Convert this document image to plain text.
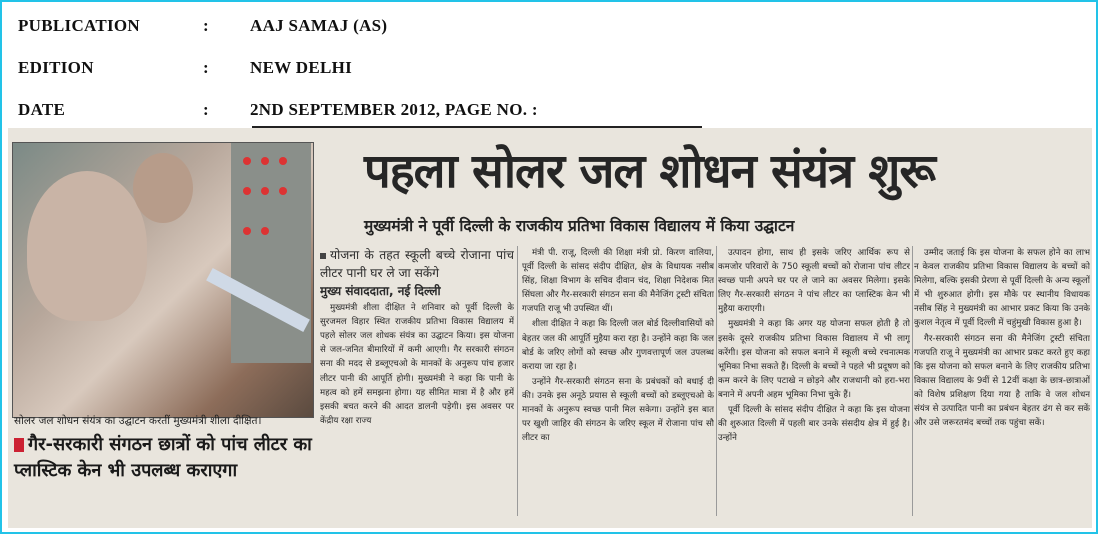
PUBLICATION	: AAJ SAMAJ (AS)
EDITION	: NEW DELHI
DATE	: 2ND SEPTEMBER 2012, PAGE NO. :
सोलर जल शोधन संयंत्र का उद्घाटन करतीं मुख्यमंत्री शीला दीक्षित।
गैर-सरकारी संगठन छात्रों को पांच लीटर का प्लास्टिक केन भी उपलब्ध कराएगा
पहला सोलर जल शोधन संयंत्र शुरू
मुख्यमंत्री ने पूर्वी दिल्ली के राजकीय प्रतिभा विकास विद्यालय में किया उद्घाटन
योजना के तहत स्कूली बच्चे रोजाना पांच लीटर पानी घर ले जा सकेंगे
मुख्य संवाददाता, नई दिल्ली

मुख्यमंत्री शीला दीक्षित ने शनिवार को पूर्वी दिल्ली के सुरजमल विहार स्थित राजकीय प्रतिभा विकास विद्यालय में पहले सोलर जल शोधक संयंत्र का उद्घाटन किया। इस योजना से जल-जनित बीमारियों में कमी आएगी। गैर सरकारी संगठन सना की मदद से डब्लूएचओ के मानकों के अनुरूप पांच हजार लीटर पानी की आपूर्ति होगी। मुख्यमंत्री ने कहा कि पानी के महत्व को हमें समझना होगा। यह सीमित मात्रा में है और हमें इसकी बचत करने की आदत डालनी पड़ेगी। इस अवसर पर केंद्रीय रक्षा राज्य

मंत्री पी. राजू, दिल्ली की शिक्षा मंत्री प्रो. किरण वालिया, पूर्वी दिल्ली के सांसद संदीप दीक्षित, क्षेत्र के विधायक नसीब सिंह, शिक्षा विभाग के सचिव दीवान चंद, शिक्षा निदेशक मित सिंघला और गैर-सरकारी संगठन सना की मैनेजिंग ट्रस्टी संचिता गजपति राजू भी उपस्थित थीं।

शीला दीक्षित ने कहा कि दिल्ली जल बोर्ड दिल्लीवासियों को बेहतर जल की आपूर्ति मुहैया करा रहा है। उन्होंने कहा कि जल बोर्ड के जरिए लोगों को स्वच्छ और गुणवत्तापूर्ण जल उपलब्ध कराया जा रहा है।

उन्होंने गैर-सरकारी संगठन सना के प्रबंधकों को बधाई दी की। उनके इस अनूठे प्रयास से स्कूली बच्चों को डब्लूएचओ के मानकों के अनुरूप स्वच्छ पानी मिल सकेगा। उन्होंने इस बात पर खुशी जाहिर की संगठन के जरिए स्कूल में रोजाना पांच सौ लीटर का

उत्पादन होगा, साथ ही इसके जरिए आर्थिक रूप से कमजोर परिवारों के 750 स्कूली बच्चों को रोजाना पांच लीटर स्वच्छ पानी अपने घर पर ले जाने का अवसर मिलेगा। इसके लिए गैर-सरकारी संगठन ने पांच लीटर का प्लास्टिक केन भी मुहैया कराएगी।

मुख्यमंत्री ने कहा कि अगर यह योजना सफल होती है तो इसके दूसरे राजकीय प्रतिभा विकास विद्यालय में भी लागू करेंगी। इस योजना को सफल बनाने में स्कूली बच्चे रचनात्मक भूमिका निभा सकते हैं। दिल्ली के बच्चों ने पहले भी प्रदूषण को कम करने के लिए पटाखे न छोड़ने और राजधानी को हरा-भरा बनाने में अपनी अहम भूमिका निभा चुके हैं।

पूर्वी दिल्ली के सांसद संदीप दीक्षित ने कहा कि इस योजना की शुरुआत दिल्ली में पहली बार उनके संसदीय क्षेत्र में हुई है। उन्होंने

उम्मीद जताई कि इस योजना के सफल होने का लाभ न केवल राजकीय प्रतिभा विकास विद्यालय के बच्चों को मिलेगा, बल्कि इसकी प्रेरणा से पूर्वी दिल्ली के अन्य स्कूलों में भी शुरुआत होगी। इस मौके पर स्थानीय विधायक नसीब सिंह ने मुख्यमंत्री का आभार प्रकट किया कि उनके कुशल नेतृत्व में पूर्वी दिल्ली में चहुंमुखी विकास हुआ है।

गैर-सरकारी संगठन सना की मैनेजिंग ट्रस्टी संचिता गजपति राजू ने मुख्यमंत्री का आभार प्रकट करते हुए कहा कि इस योजना को सफल बनाने के लिए राजकीय प्रतिभा विकास विद्यालय के 9वीं से 12वीं कक्षा के छात्र-छात्राओं को विशेष प्रशिक्षण दिया गया है ताकि वे जल शोधन संयंत्र से उत्पादित पानी का प्रबंधन बेहतर ढंग से कर सकें और उसे जरूरतमंद बच्चों तक पहुंचा सकें।
